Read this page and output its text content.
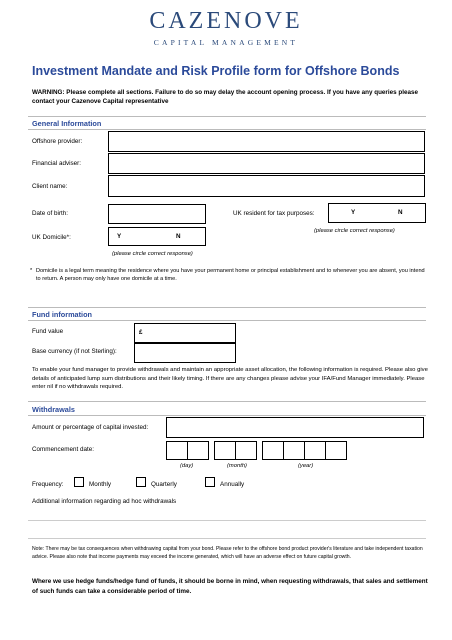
CAZENOVE
CAPITAL MANAGEMENT
Investment Mandate and Risk Profile form for Offshore Bonds
WARNING: Please complete all sections. Failure to do so may delay the account opening process. If you have any queries please contact your Cazenove Capital representative
General Information
Offshore provider:
Financial adviser:
Client name:
Date of birth:	UK resident for tax purposes:	Y	N
(please circle correct response)
UK Domicile*:	Y	N
(please circle correct response)
* Domicile is a legal term meaning the residence where you have your permanent home or principal establishment and to whenever you are absent, you intend to return. A person may only have one domicile at a time.
Fund information
Fund value	£
Base currency (if not Sterling):
To enable your fund manager to provide withdrawals and maintain an appropriate asset allocation, the following information is required. Please also give details of anticipated lump sum distributions and their likely timing. If there are any changes please advise your IFA/Fund Manager immediately. Please enter nil if no withdrawals required.
Withdrawals
Amount or percentage of capital invested:
Commencement date:
(day)	(month)	(year)
Frequency:	Monthly	Quarterly	Annually
Additional information regarding ad hoc withdrawals
Note: There may be tax consequences when withdrawing capital from your bond. Please refer to the offshore bond product provider's literature and take independent taxation advice. Please also note that income payments may exceed the income generated, which will have an adverse effect on future capital growth.
Where we use hedge funds/hedge fund of funds, it should be borne in mind, when requesting withdrawals, that sales and settlement of such funds can take a considerable period of time.
